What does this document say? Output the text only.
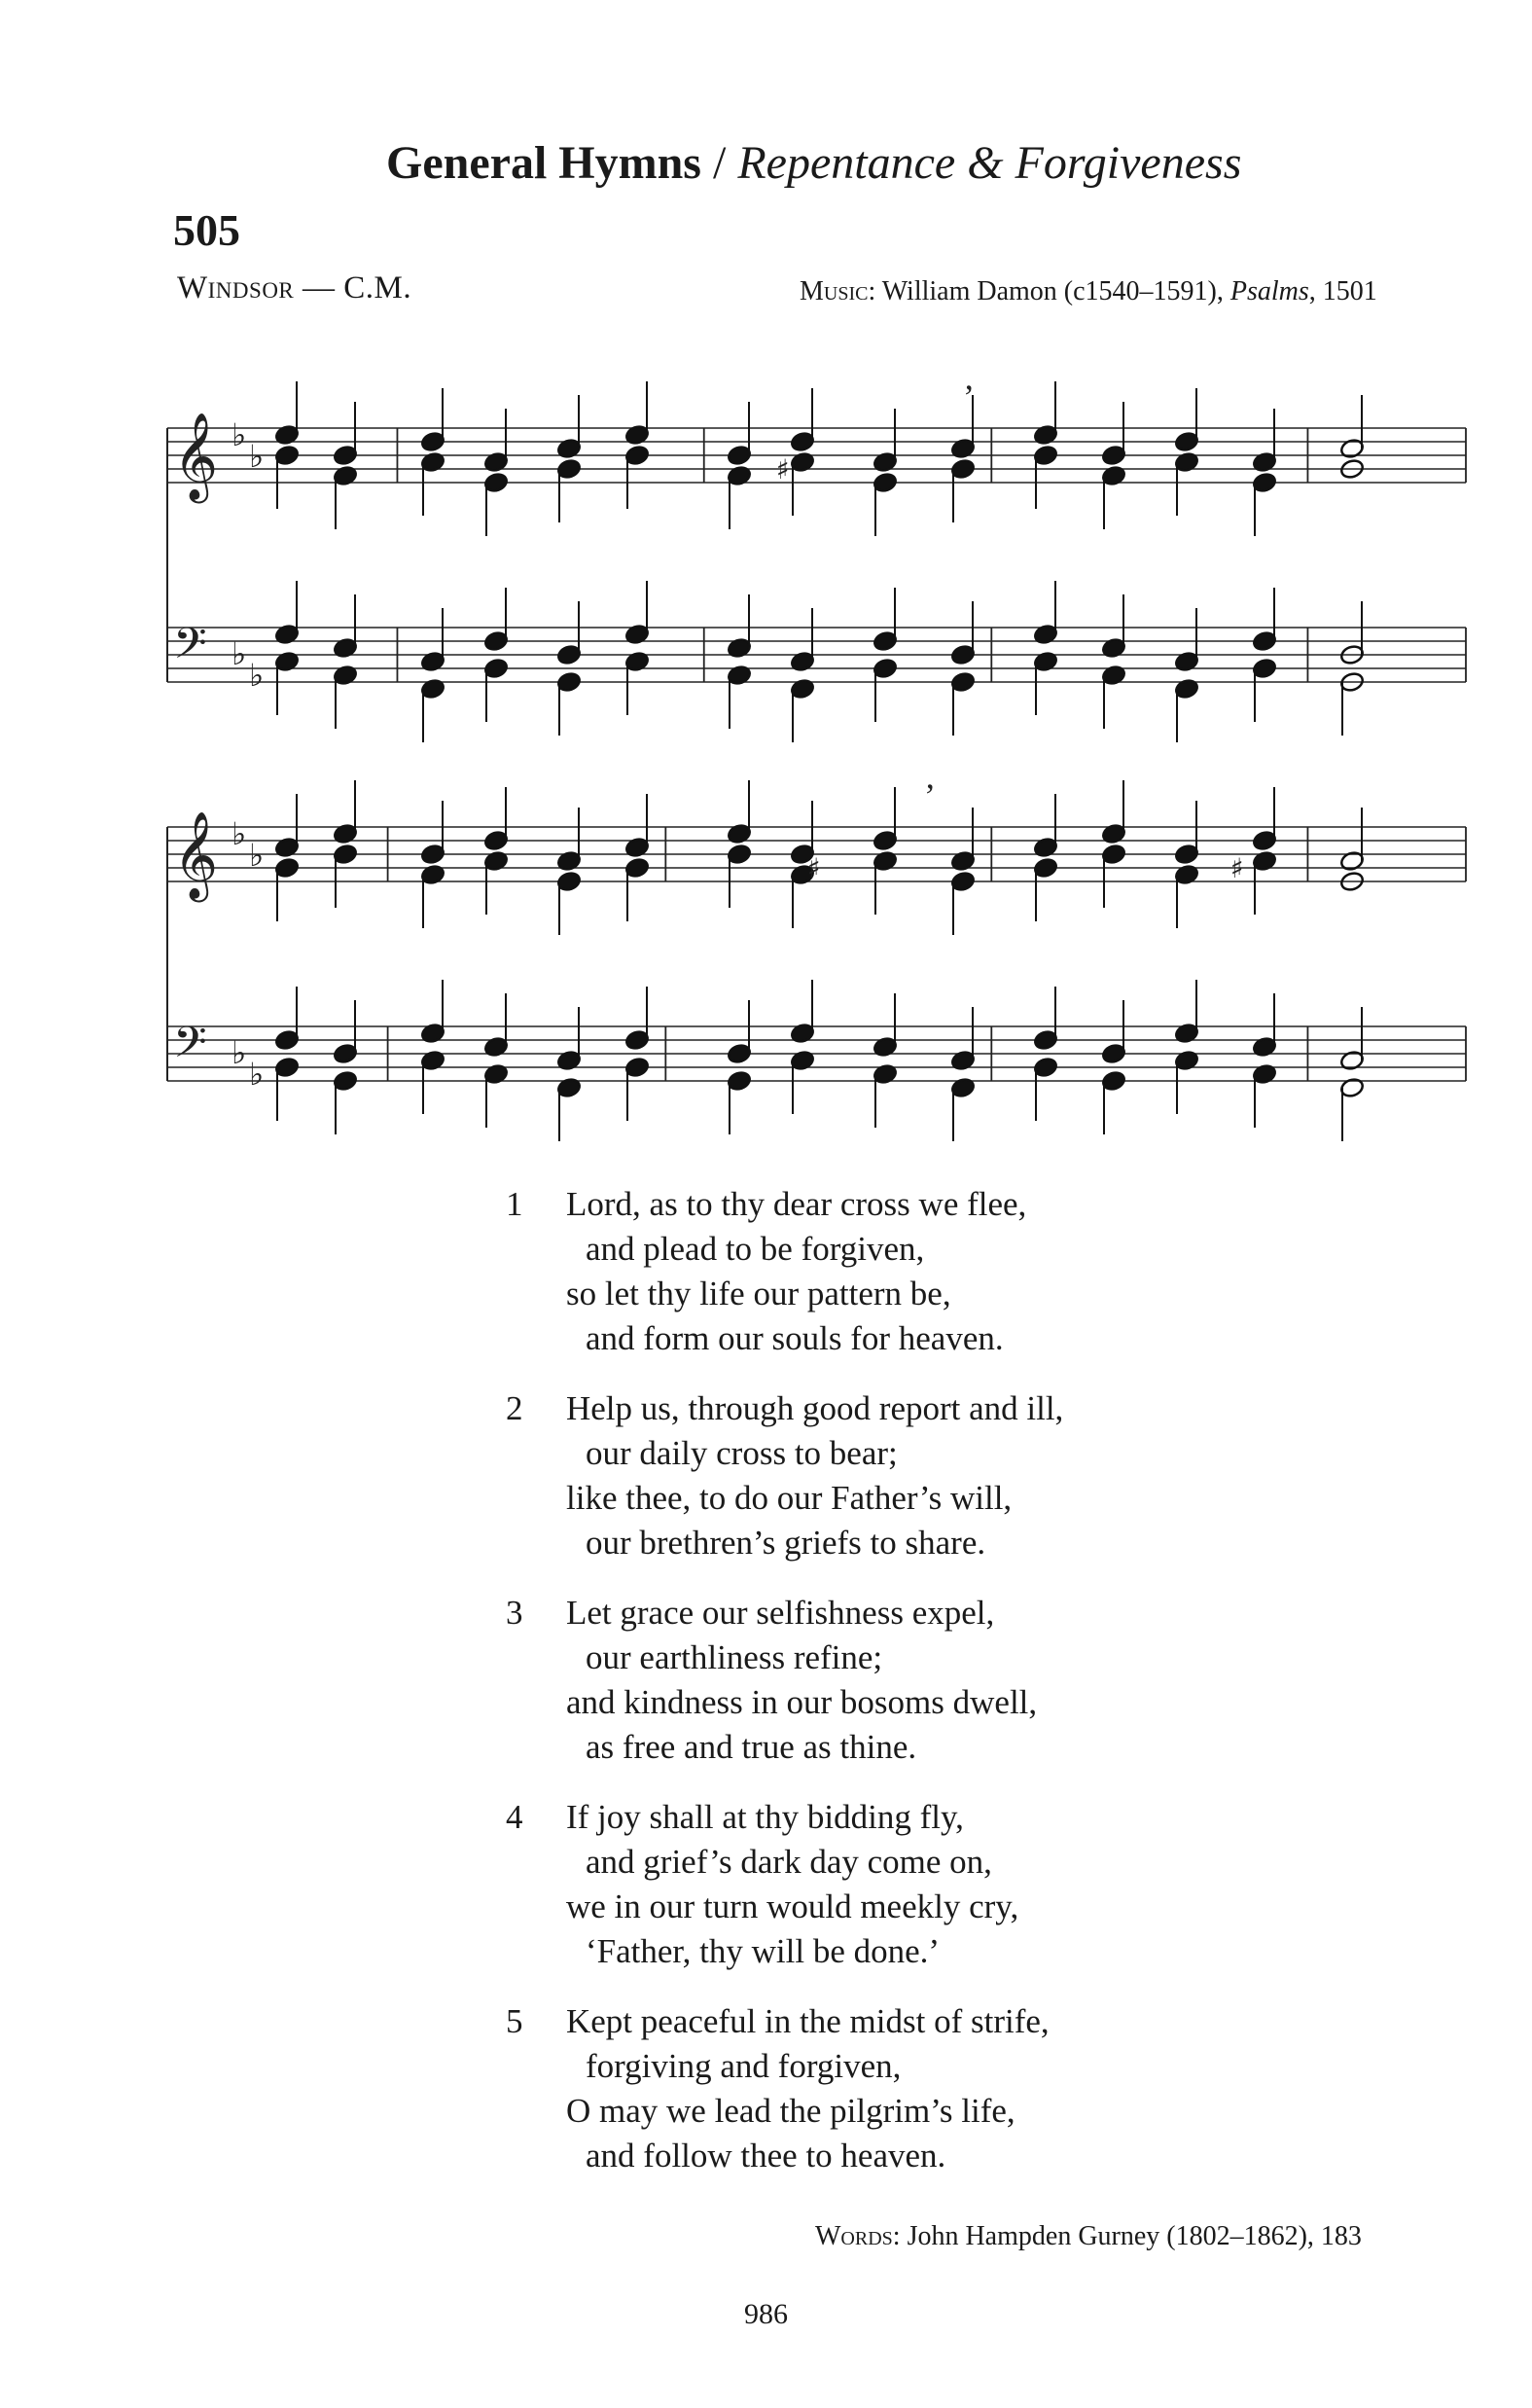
General Hymns / Repentance & Forgiveness
505
Windsor — C.M.	Music: William Damon (c1540–1591), Psalms, 1501
𝄞 ♭
♭
𝄢 ♭
♭
’
♯
𝄞 ♭
♭
𝄢 ♭
♭
’
♯	♯
1	Lord, as to thy dear cross we flee,
and plead to be forgiven,
so let thy life our pattern be,
and form our souls for heaven.
2	Help us, through good report and ill,
our daily cross to bear;
like thee, to do our Father’s will,
our brethren’s griefs to share.
3	Let grace our selfishness expel,
our earthliness refine;
and kindness in our bosoms dwell,
as free and true as thine.
4	If joy shall at thy bidding fly,
and grief’s dark day come on,
we in our turn would meekly cry,
‘Father, thy will be done.’
5	Kept peaceful in the midst of strife,
forgiving and forgiven,
O may we lead the pilgrim’s life,
and follow thee to heaven.
Words: John Hampden Gurney (1802–1862), 183
986
